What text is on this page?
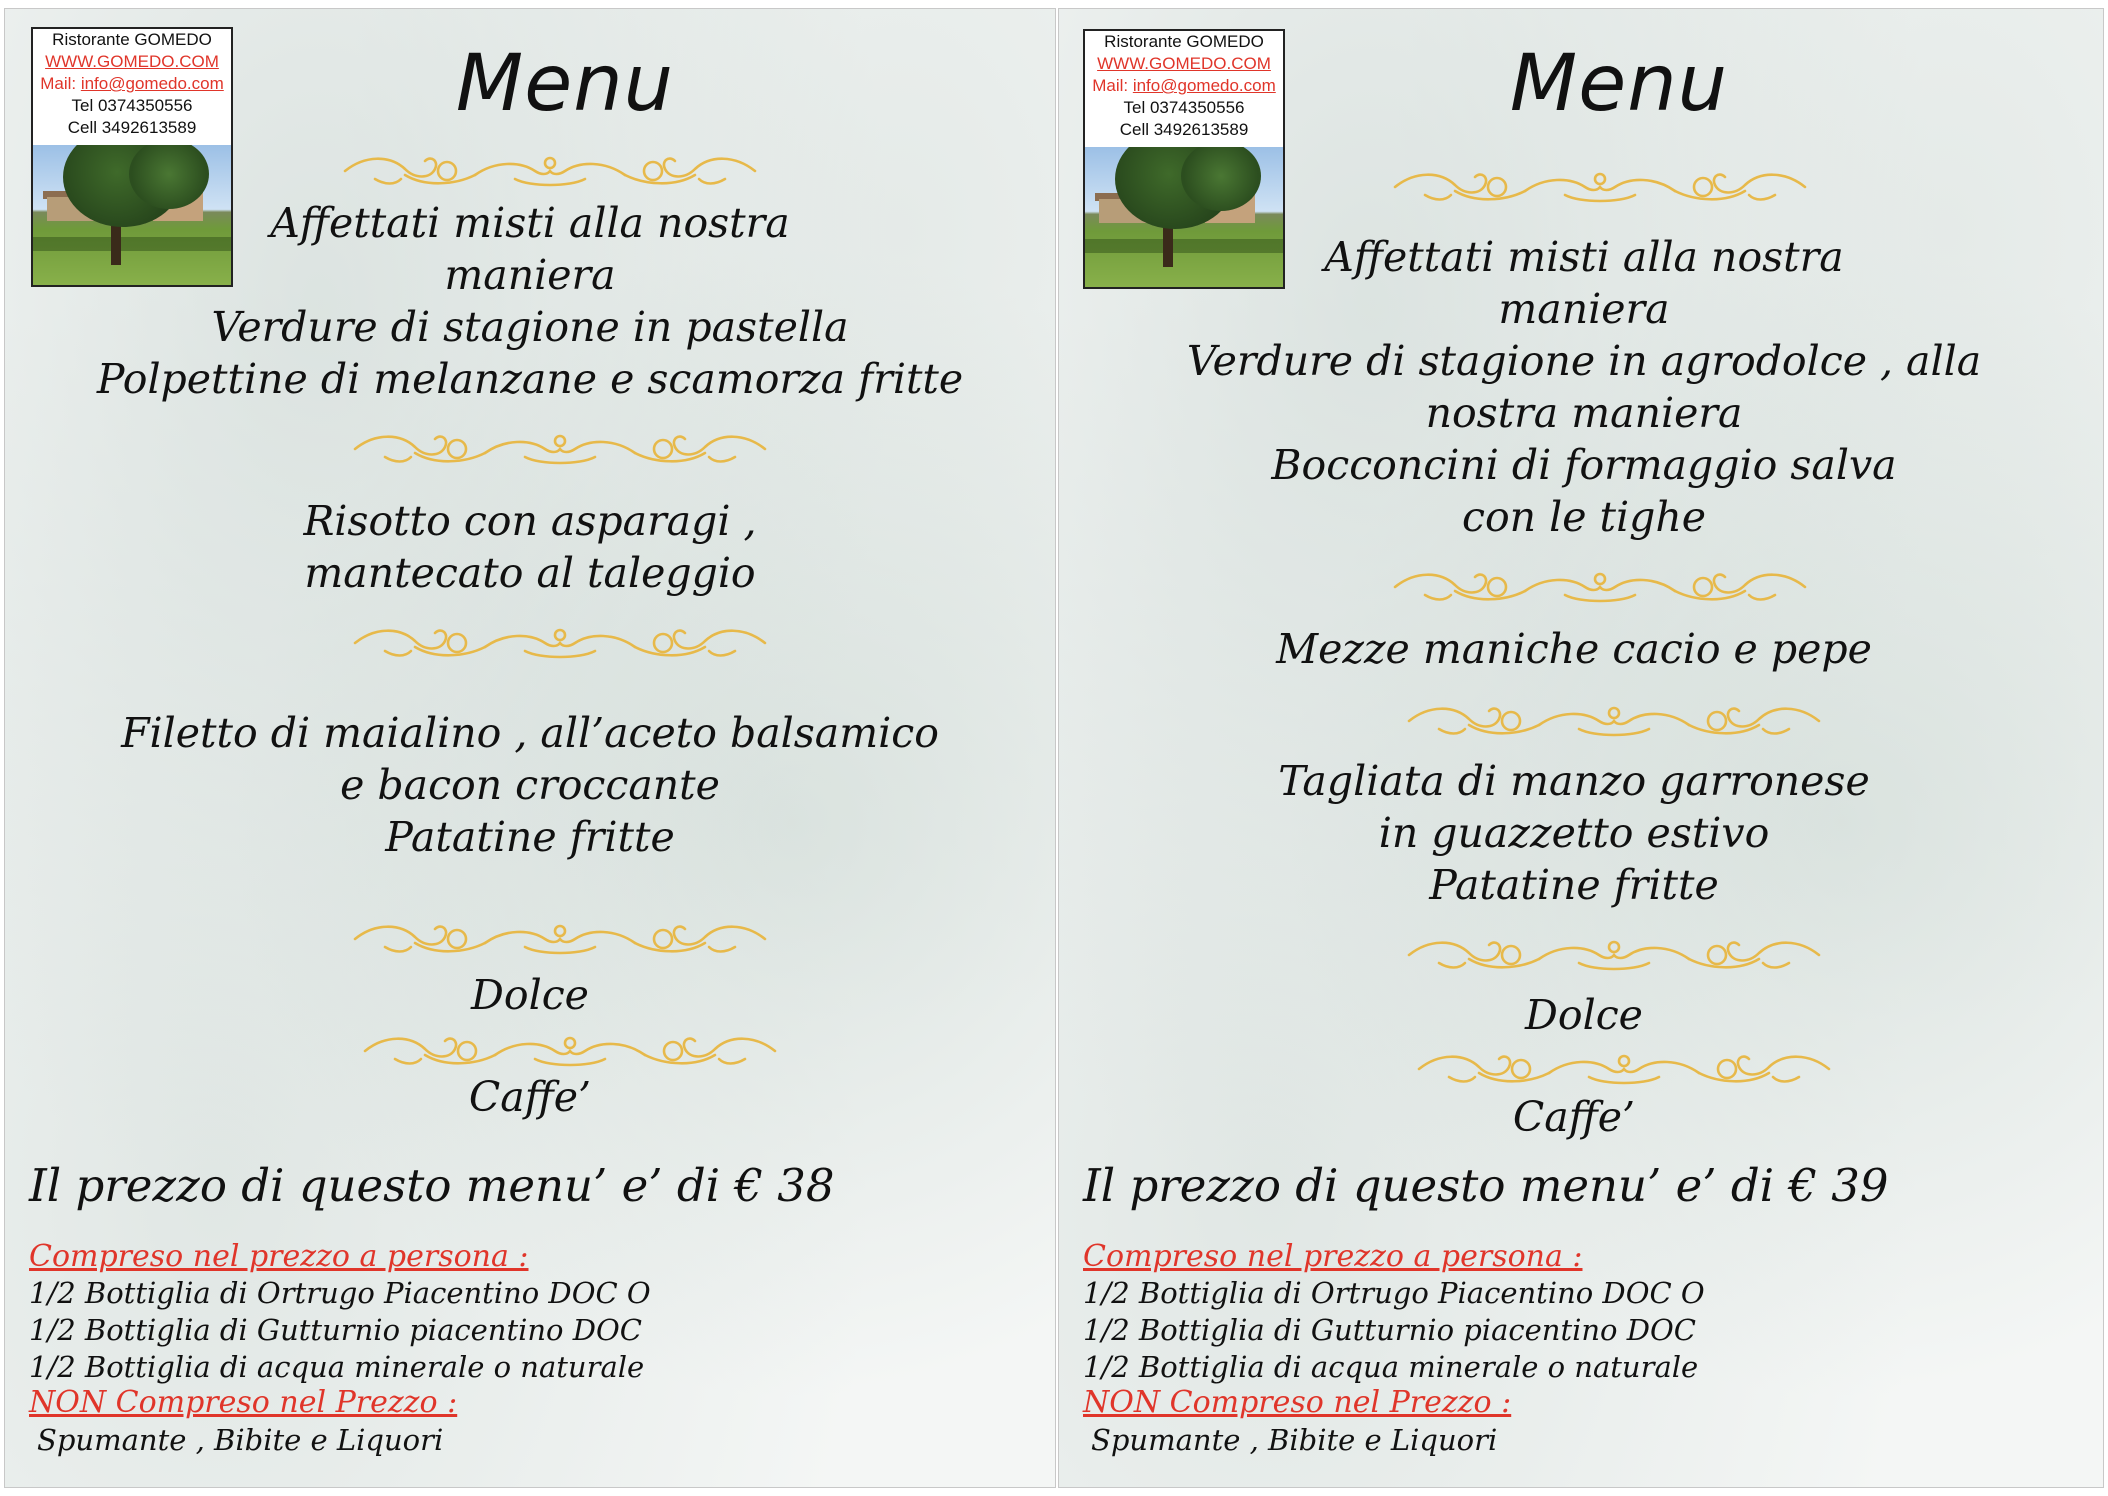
Ristorante GOMEDO
WWW.GOMEDO.COM
Mail: info@gomedo.com
Tel 0374350556
Cell 3492613589	Menu
Affettati misti alla nostra
maniera
Verdure di stagione in pastella
Polpettine di melanzane e scamorza fritte
Risotto con asparagi ,
mantecato al taleggio
Filetto di maialino , all’aceto balsamico
e bacon croccante
Patatine fritte
Dolce
Caffe’
Il prezzo di questo menu’ e’ di € 38
Compreso nel prezzo a persona :
1/2 Bottiglia di Ortrugo Piacentino DOC O
1/2 Bottiglia di Gutturnio piacentino DOC
1/2 Bottiglia di acqua minerale o naturale
NON Compreso nel Prezzo :
Spumante , Bibite e Liquori
Ristorante GOMEDO
WWW.GOMEDO.COM
Mail: info@gomedo.com
Tel 0374350556
Cell 3492613589
Menu
Affettati misti alla nostra
maniera
Verdure di stagione in agrodolce , alla
nostra maniera
Bocconcini di formaggio salva
con le tighe
Mezze maniche cacio e pepe
Tagliata di manzo garronese
in guazzetto estivo
Patatine fritte
Dolce
Caffe’
Il prezzo di questo menu’ e’ di € 39
Compreso nel prezzo a persona :
1/2 Bottiglia di Ortrugo Piacentino DOC O
1/2 Bottiglia di Gutturnio piacentino DOC
1/2 Bottiglia di acqua minerale o naturale
NON Compreso nel Prezzo :
Spumante , Bibite e Liquori
